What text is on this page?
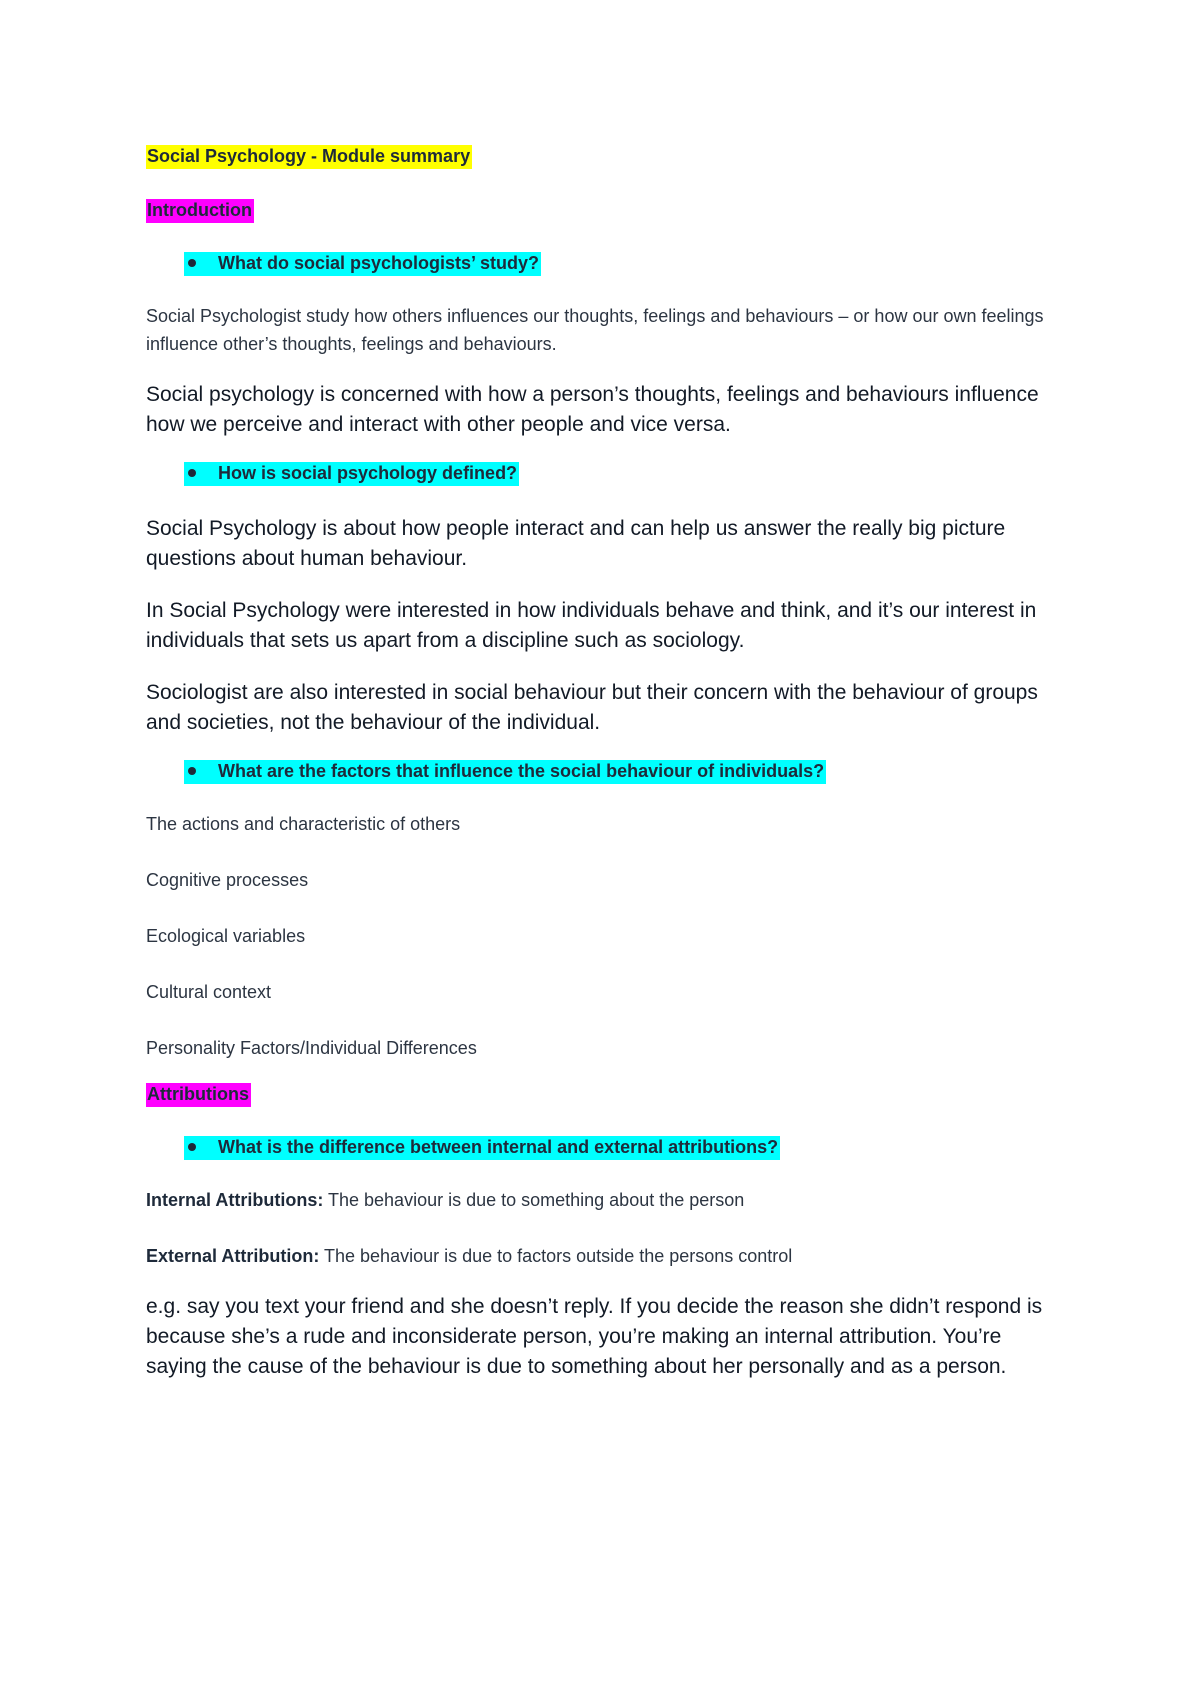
Social Psychology - Module summary
Introduction
What do social psychologists’ study?

Social Psychologist study how others influences our thoughts, feelings and behaviours – or how our own feelings influence other’s thoughts, feelings and behaviours.

Social psychology is concerned with how a person’s thoughts, feelings and behaviours influence how we perceive and interact with other people and vice versa.

How is social psychology defined?

Social Psychology is about how people interact and can help us answer the really big picture questions about human behaviour.

In Social Psychology were interested in how individuals behave and think, and it’s our interest in individuals that sets us apart from a discipline such as sociology.

Sociologist are also interested in social behaviour but their concern with the behaviour of groups and societies, not the behaviour of the individual.

What are the factors that influence the social behaviour of individuals?

The actions and characteristic of others

Cognitive processes

Ecological variables

Cultural context

Personality Factors/Individual Differences

Attributions
What is the difference between internal and external attributions?

Internal Attributions: The behaviour is due to something about the person

External Attribution: The behaviour is due to factors outside the persons control

e.g. say you text your friend and she doesn’t reply. If you decide the reason she didn’t respond is because she’s a rude and inconsiderate person, you’re making an internal attribution. You’re saying the cause of the behaviour is due to something about her personally and as a person.
